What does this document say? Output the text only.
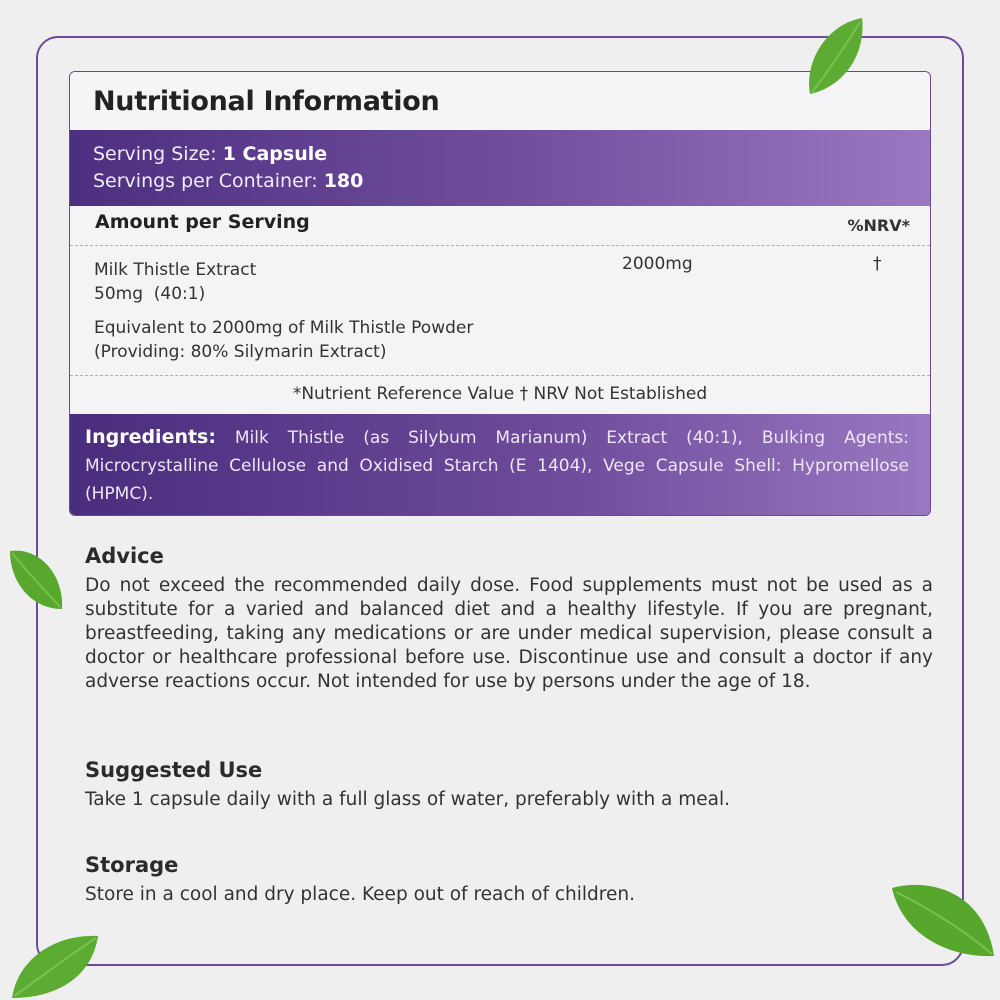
Nutritional Information
Serving Size: 1 Capsule
Servings per Container: 180
Amount per Serving	%NRV*
Milk Thistle Extract
50mg  (40:1)
2000mg	†
Equivalent to 2000mg of Milk Thistle Powder
(Providing: 80% Silymarin Extract)
*Nutrient Reference Value † NRV Not Established
Ingredients: Milk Thistle (as Silybum Marianum) Extract (40:1), Bulking Agents: Microcrystalline Cellulose and Oxidised Starch (E 1404), Vege Capsule Shell: Hypromellose (HPMC).
Advice

Do not exceed the recommended daily dose. Food supplements must not be used as a substitute for a varied and balanced diet and a healthy lifestyle. If you are pregnant, breastfeeding, taking any medications or are under medical supervision, please consult a doctor or healthcare professional before use. Discontinue use and consult a doctor if any adverse reactions occur. Not intended for use by persons under the age of 18.

Suggested Use

Take 1 capsule daily with a full glass of water, preferably with a meal.

Storage

Store in a cool and dry place. Keep out of reach of children.
